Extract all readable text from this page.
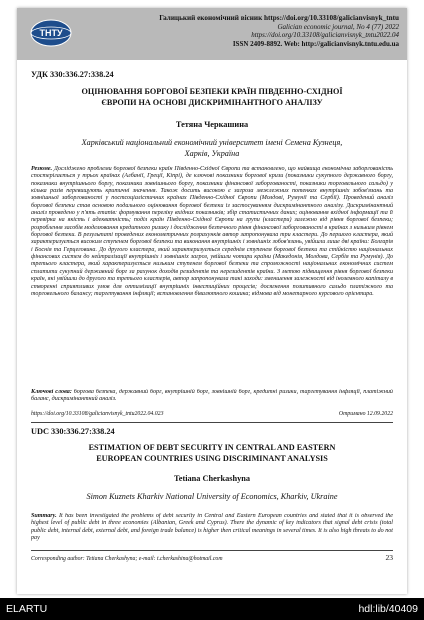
ТНТУ
Галицький економічний вісник https://doi.org/10.33108/galicianvisnyk_tntu
Galician economic journal, No 4 (77) 2022
https://doi.org/10.33108/galicianvisnyk_tntu2022.04
ISSN 2409-8892. Web: http://galicianvisnyk.tntu.edu.ua
УДК 330:336.27:338.24
ОЦІНЮВАННЯ БОРГОВОЇ БЕЗПЕКИ КРАЇН ПІВДЕННО-СХІДНОЇ
ЄВРОПИ НА ОСНОВІ ДИСКРИМІНАНТНОГО АНАЛІЗУ
Тетяна Черкашина
Харківський національний економічний університет імені Семена Кузнеця,
Харків, Україна
Резюме. Досліджено проблеми боргової безпеки країн Південно-Східної Європи та встановлено, що найвища економічна заборгованість спостерігається у трьох країнах (Албанії, Греції, Кіпрі), де ключові показники боргової кризи (показники сукупного державного боргу, показники внутрішнього боргу, показники зовнішнього боргу, показники фінансової заборгованості, показники торговельного сальдо) у кілька разів перевищують критичні значення. Також досить високою є загроза межлежних потенках внутрішніх зобов'язань та зовнішньої заборгованості у постсоціалістичних країнах Південно-Східної Європи (Молдові, Румунії та Сербії). Проведений аналіз боргової безпеки став основою подального оцінювання боргової безпеки із застосуванням дискримінантного аналізу. Дискримінантний аналіз проведено у п'ять етапів: формування переліку вхідних показників; збір статистичних даних; оцінювання вхідної інформації та її перевірка на якість і адекватність; поділ країн Південно-Східної Європи на групи (кластери) залежно від рівня боргової безпеки; розроблення засобів моделювання кредитного ризику і дослідження безпечного рівня фінансової заборгованості в країнах з низьким рівнем боргової безпеки. В результаті проведених економетричних розрахунків автор запропонувала три кластери. До першого кластера, який характеризується високим ступенем боргової безпеки та виконання внутрішніх і зовнішніх зобов'язань, увійшли лише дві країни: Болгарія і Боснія та Герцеговина. До другого кластера, який характеризується середнім ступенем боргової безпеки та стійкістю національних фінансових систем до нейтралізації внутрішніх і зовнішніх загроз, увійшли чотири країни (Македонія, Молдова, Сербія та Румунія). До третього кластера, який характеризується низьким ступенем боргової безпеки та спроможності національних економічних систем сплатити сукупний державний борг за рахунок доходів резидентів та нерезидентів країни. З метою підвищення рівня боргової безпеки країн, які увійшли до другого та третього кластерів, автор запропонувала такі заходи: зменшення залежності від іноземного капіталу в створенні сприятливих умов для оптимізації внутрішніх інвестиційних процесів; досягнення позитивного сальдо платіжного та торговельного балансу; таргетування інфляції; встановлення бівалютного кошика; відмова від монетарного курсового орієнтира.
Ключові слова: боргова безпека, державний борг, внутрішній борг, зовнішній борг, кредитні ризики, таргетування інфляції, платіжний баланс, дискримінантний аналіз.
https://doi.org/10.33108/galicianvisnyk_tntu2022.04.023	Отримано 12.09.2022
UDC 330:336.27:338.24
ESTIMATION OF DEBT SECURITY IN CENTRAL AND EASTERN
EUROPEAN COUNTRIES USING DISCRIMINANT ANALYSIS
Tetiana Cherkashyna
Simon Kuznets Kharkiv National University of Economics, Kharkiv, Ukraine
Summary. It has been investigated the problems of debt security in Central and Eastern European countries and stated that it is observed the highest level of public debt in three economies (Albanian, Greek and Cyprus). There the dynamic of key indicators that signal debt crisis (total public debt, internal debt, external debt, and foreign trade balance) is higher then critical meanings in several times. It is also high threats to do not pay
Corresponding author: Tetiana Cherkashyna; e-mail: t.cherkashina@hotmail.com	23
ELARTU	hdl:lib/40409
